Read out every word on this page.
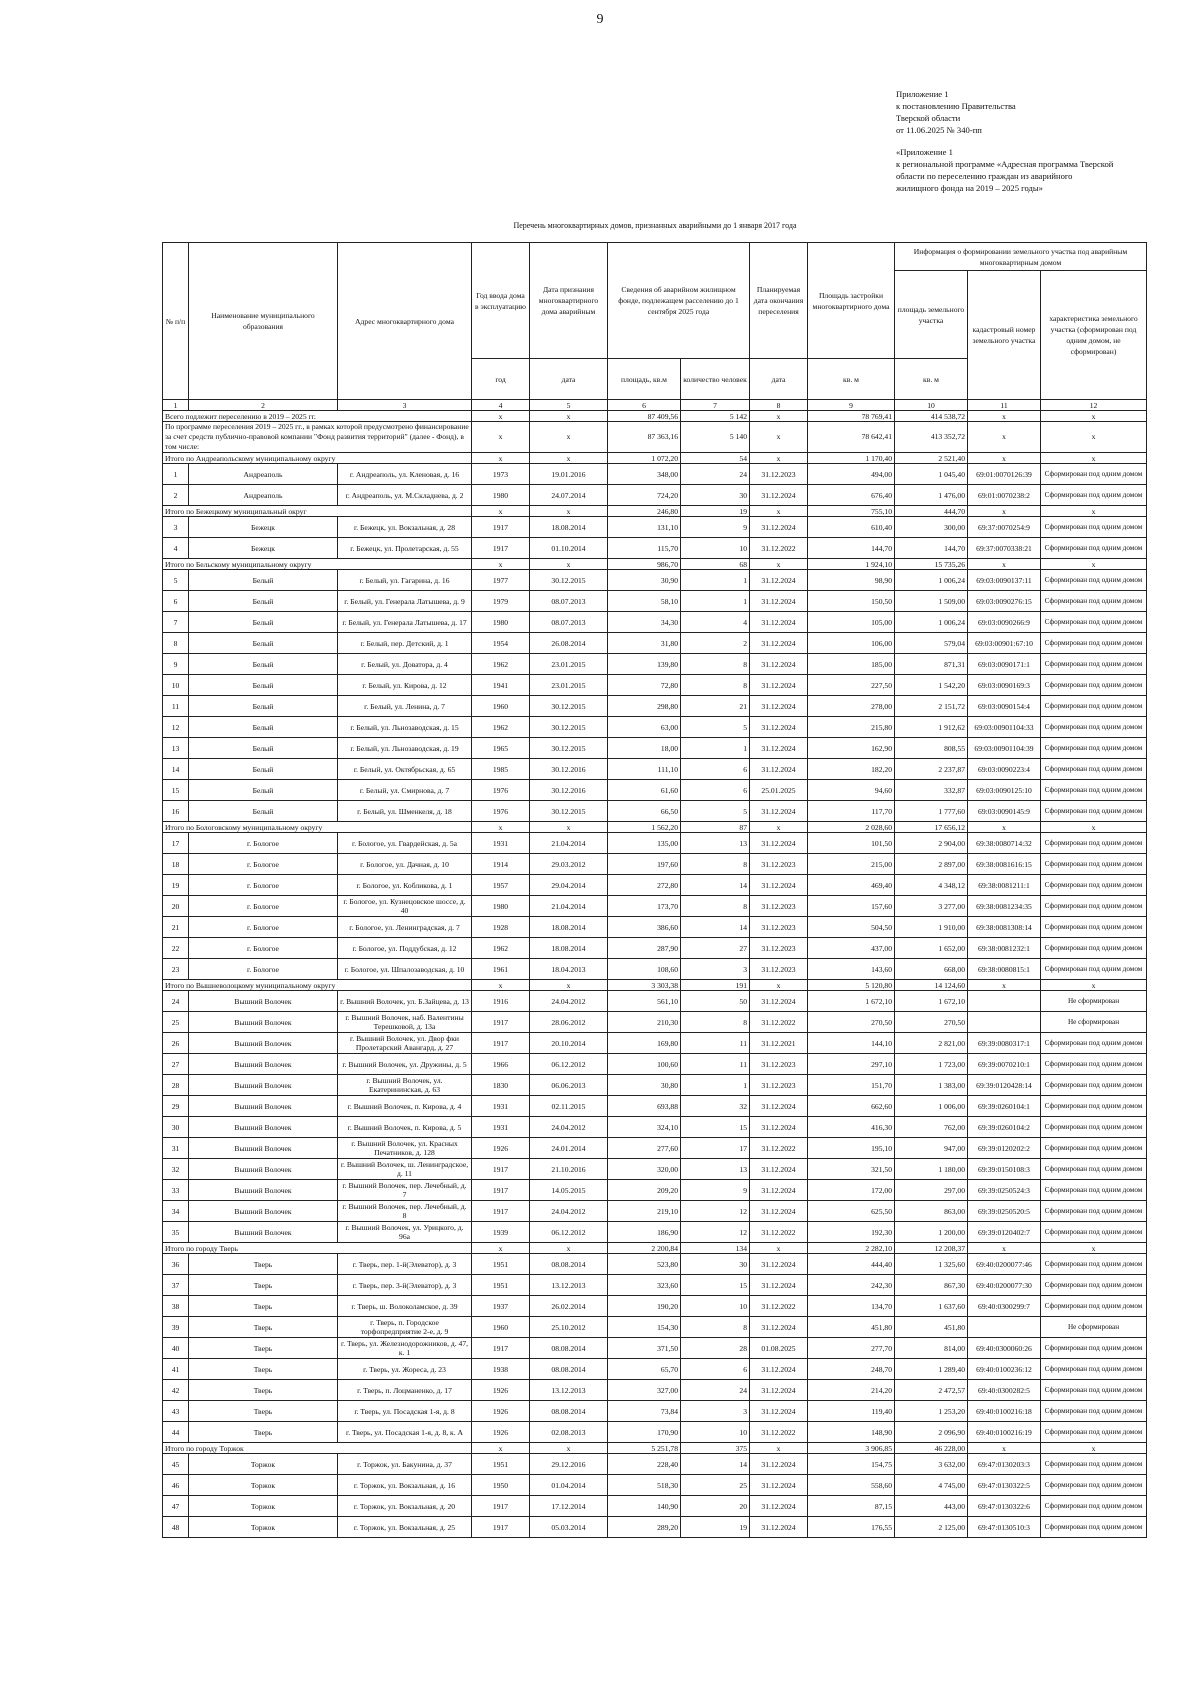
9
Приложение 1
к постановлению Правительства
Тверской области
от 11.06.2025 № 340-пп
«Приложение 1
к региональной программе «Адресная программа Тверской
области по переселению граждан из аварийного
жилищного фонда на 2019 – 2025 годы»
Перечень многоквартирных домов, признанных аварийными до 1 января 2017 года
№ п/п	Наименование муниципального образования	Адрес многоквартирного дома	Год ввода дома в эксплуатацию	Дата признания многоквартирного дома аварийным	Сведения об аварийном жилищном фонде, подлежащем расселению до 1 сентября 2025 года		Планируемая дата окончания переселения	Площадь застройки многоквартирного дома	Информация о формировании земельного участка под аварийным многоквартирным домом		
									площадь земельного участка	кадастровый номер земельного участка	характеристика земельного участка (сформирован под одним домом, не сформирован)
			год	дата	площадь, кв.м	количество человек	дата	кв. м	кв. м		
1	2	3	4	5	6	7	8	9	10	11	12
Всего подлежит переселению в 2019 – 2025 гг.			x	x	87 409,56	5 142	x	78 769,41	414 538,72	x	x
По программе переселения 2019 – 2025 гг., в рамках которой предусмотрено финансирование за счет средств публично-правовой компании "Фонд развития территорий" (далее - Фонд), в том числе:			x	x	87 363,16	5 140	x	78 642,41	413 352,72	x	x
Итого по Андреапольскому муниципальному округу			x	x	1 072,20	54	x	1 170,40	2 521,40	x	x
1	Андреаполь	г. Андреаполь, ул. Кленовая, д. 16	1973	19.01.2016	348,00	24	31.12.2023	494,00	1 045,40	69:01:0070126:39	Сформирован под одним домом
2	Андреаполь	г. Андреаполь, ул. М.Складнева, д. 2	1980	24.07.2014	724,20	30	31.12.2024	676,40	1 476,00	69:01:0070238:2	Сформирован под одним домом
Итого по Бежецкому муниципальный округ			x	x	246,80	19	x	755,10	444,70	x	x
3	Бежецк	г. Бежецк, ул. Вокзальная, д. 28	1917	18.08.2014	131,10	9	31.12.2024	610,40	300,00	69:37:0070254:9	Сформирован под одним домом
4	Бежецк	г. Бежецк, ул. Пролетарская, д. 55	1917	01.10.2014	115,70	10	31.12.2022	144,70	144,70	69:37:0070338:21	Сформирован под одним домом
Итого по Бельскому муниципальному округу			x	x	986,70	68	x	1 924,10	15 735,26	x	x
5	Белый	г. Белый, ул. Гагарина, д. 16	1977	30.12.2015	30,90	1	31.12.2024	98,90	1 006,24	69:03:0090137:11	Сформирован под одним домом
6	Белый	г. Белый, ул. Генерала Латышева, д. 9	1979	08.07.2013	58,10	1	31.12.2024	150,50	1 509,00	69:03:0090276:15	Сформирован под одним домом
7	Белый	г. Белый, ул. Генерала Латышева, д. 17	1980	08.07.2013	34,30	4	31.12.2024	105,00	1 006,24	69:03:0090266:9	Сформирован под одним домом
8	Белый	г. Белый, пер. Детский, д. 1	1954	26.08.2014	31,80	2	31.12.2024	106,00	579,04	69:03:00901:67:10	Сформирован под одним домом
9	Белый	г. Белый, ул. Доватора, д. 4	1962	23.01.2015	139,80	8	31.12.2024	185,00	871,31	69:03:0090171:1	Сформирован под одним домом
10	Белый	г. Белый, ул. Кирова, д. 12	1941	23.01.2015	72,80	8	31.12.2024	227,50	1 542,20	69:03:0090169:3	Сформирован под одним домом
11	Белый	г. Белый, ул. Ленина, д. 7	1960	30.12.2015	298,80	21	31.12.2024	278,00	2 151,72	69:03:0090154:4	Сформирован под одним домом
12	Белый	г. Белый, ул. Льнозаводская, д. 15	1962	30.12.2015	63,00	5	31.12.2024	215,80	1 912,62	69:03:00901104:33	Сформирован под одним домом
13	Белый	г. Белый, ул. Льнозаводская, д. 19	1965	30.12.2015	18,00	1	31.12.2024	162,90	808,55	69:03:00901104:39	Сформирован под одним домом
14	Белый	г. Белый, ул. Октябрьская, д. 65	1985	30.12.2016	111,10	6	31.12.2024	182,20	2 237,87	69:03:0090223:4	Сформирован под одним домом
15	Белый	г. Белый, ул. Смирнова, д. 7	1976	30.12.2016	61,60	6	25.01.2025	94,60	332,87	69:03:0090125:10	Сформирован под одним домом
16	Белый	г. Белый, ул. Шменкеля, д. 18	1976	30.12.2015	66,50	5	31.12.2024	117,70	1 777,60	69:03:0090145:9	Сформирован под одним домом
Итого по Бологовскому муниципальному округу			x	x	1 562,20	87	x	2 028,60	17 656,12	x	x
17	г. Бологое	г. Бологое, ул. Гвардейская, д. 5а	1931	21.04.2014	135,00	13	31.12.2024	101,50	2 904,00	69:38:0080714:32	Сформирован под одним домом
18	г. Бологое	г. Бологое, ул. Дачная, д. 10	1914	29.03.2012	197,60	8	31.12.2023	215,00	2 897,00	69:38:0081616:15	Сформирован под одним домом
19	г. Бологое	г. Бологое, ул. Кобликова, д. 1	1957	29.04.2014	272,80	14	31.12.2024	469,40	4 348,12	69:38:0081211:1	Сформирован под одним домом
20	г. Бологое	г. Бологое, ул. Кузнецовское шоссе, д. 40	1980	21.04.2014	173,70	8	31.12.2023	157,60	3 277,00	69:38:0081234:35	Сформирован под одним домом
21	г. Бологое	г. Бологое, ул. Ленинградская, д. 7	1928	18.08.2014	386,60	14	31.12.2023	504,50	1 910,00	69:38:0081308:14	Сформирован под одним домом
22	г. Бологое	г. Бологое, ул. Поддубская, д. 12	1962	18.08.2014	287,90	27	31.12.2023	437,00	1 652,00	69:38:0081232:1	Сформирован под одним домом
23	г. Бологое	г. Бологое, ул. Шпалозаводская, д. 10	1961	18.04.2013	108,60	3	31.12.2023	143,60	668,00	69:38:0080815:1	Сформирован под одним домом
Итого по Вышневолоцкому муниципальному округу			x	x	3 303,38	191	x	5 120,80	14 124,60	x	x
24	Вышний Волочек	г. Вышний Волочек, ул. Б.Зайцева, д. 13	1916	24.04.2012	561,10	50	31.12.2024	1 672,10	1 672,10		Не сформирован
25	Вышний Волочек	г. Вышний Волочек, наб. Валентины Терешковой, д. 13а	1917	28.06.2012	210,30	8	31.12.2022	270,50	270,50		Не сформирован
26	Вышний Волочек	г. Вышний Волочек, ул. Двор фки Пролетарский Авангард, д. 27	1917	20.10.2014	169,80	11	31.12.2021	144,10	2 821,00	69:39:0080317:1	Сформирован под одним домом
27	Вышний Волочек	г. Вышний Волочек, ул. Дружины, д. 5	1966	06.12.2012	100,60	11	31.12.2023	297,10	1 723,00	69:39:0070210:1	Сформирован под одним домом
28	Вышний Волочек	г. Вышний Волочек, ул. Екатерининская, д. 63	1830	06.06.2013	30,80	1	31.12.2023	151,70	1 383,00	69:39:0120428:14	Сформирован под одним домом
29	Вышний Волочек	г. Вышний Волочек, п. Кирова, д. 4	1931	02.11.2015	693,88	32	31.12.2024	662,60	1 006,00	69:39:0260104:1	Сформирован под одним домом
30	Вышний Волочек	г. Вышний Волочек, п. Кирова, д. 5	1931	24.04.2012	324,10	15	31.12.2024	416,30	762,00	69:39:0260104:2	Сформирован под одним домом
31	Вышний Волочек	г. Вышний Волочек, ул. Красных Печатников, д. 128	1926	24.01.2014	277,60	17	31.12.2022	195,10	947,00	69:39:0120202:2	Сформирован под одним домом
32	Вышний Волочек	г. Вышний Волочек, ш. Ленинградское, д. 11	1917	21.10.2016	320,00	13	31.12.2024	321,50	1 180,00	69:39:0150108:3	Сформирован под одним домом
33	Вышний Волочек	г. Вышний Волочек, пер. Лечебный, д. 7	1917	14.05.2015	209,20	9	31.12.2024	172,00	297,00	69:39:0250524:3	Сформирован под одним домом
34	Вышний Волочек	г. Вышний Волочек, пер. Лечебный, д. 8	1917	24.04.2012	219,10	12	31.12.2024	625,50	863,00	69:39:0250520:5	Сформирован под одним домом
35	Вышний Волочек	г. Вышний Волочек, ул. Урицкого, д. 96а	1939	06.12.2012	186,90	12	31.12.2022	192,30	1 200,00	69:39:0120402:7	Сформирован под одним домом
Итого по городу Тверь			x	x	2 200,84	134	x	2 282,10	12 208,37	x	x
36	Тверь	г. Тверь, пер. 1-й(Элеватор), д. 3	1951	08.08.2014	523,80	30	31.12.2024	444,40	1 325,60	69:40:0200077:46	Сформирован под одним домом
37	Тверь	г. Тверь, пер. 3-й(Элеватор), д. 3	1951	13.12.2013	323,60	15	31.12.2024	242,30	867,30	69:40:0200077:30	Сформирован под одним домом
38	Тверь	г. Тверь, ш. Волоколамское, д. 39	1937	26.02.2014	190,20	10	31.12.2022	134,70	1 637,60	69:40:0300299:7	Сформирован под одним домом
39	Тверь	г. Тверь, п. Городское торфопредприятие 2-е, д. 9	1960	25.10.2012	154,30	8	31.12.2024	451,80	451,80		Не сформирован
40	Тверь	г. Тверь, ул. Железнодорожников, д. 47, к. 1	1917	08.08.2014	371,50	28	01.08.2025	277,70	814,00	69:40:0300060:26	Сформирован под одним домом
41	Тверь	г. Тверь, ул. Жореса, д. 23	1938	08.08.2014	65,70	6	31.12.2024	248,70	1 289,40	69:40:0100236:12	Сформирован под одним домом
42	Тверь	г. Тверь, п. Лоцманенко, д. 17	1926	13.12.2013	327,00	24	31.12.2024	214,20	2 472,57	69:40:0300282:5	Сформирован под одним домом
43	Тверь	г. Тверь, ул. Посадская 1-я, д. 8	1926	08.08.2014	73,84	3	31.12.2024	119,40	1 253,20	69:40:0100216:18	Сформирован под одним домом
44	Тверь	г. Тверь, ул. Посадская 1-я, д. 8, к. А	1926	02.08.2013	170,90	10	31.12.2022	148,90	2 096,90	69:40:0100216:19	Сформирован под одним домом
Итого по городу Торжок			x	x	5 251,78	375	x	3 906,85	46 228,00	x	x
45	Торжок	г. Торжок, ул. Бакунина, д. 37	1951	29.12.2016	228,40	14	31.12.2024	154,75	3 632,00	69:47:0130203:3	Сформирован под одним домом
46	Торжок	г. Торжок, ул. Вокзальная, д. 16	1950	01.04.2014	518,30	25	31.12.2024	558,60	4 745,00	69:47:0130322:5	Сформирован под одним домом
47	Торжок	г. Торжок, ул. Вокзальная, д. 20	1917	17.12.2014	140,90	20	31.12.2024	87,15	443,00	69:47:0130322:6	Сформирован под одним домом
48	Торжок	г. Торжок, ул. Вокзальная, д. 25	1917	05.03.2014	289,20	19	31.12.2024	176,55	2 125,00	69:47:0130510:3	Сформирован под одним домом
